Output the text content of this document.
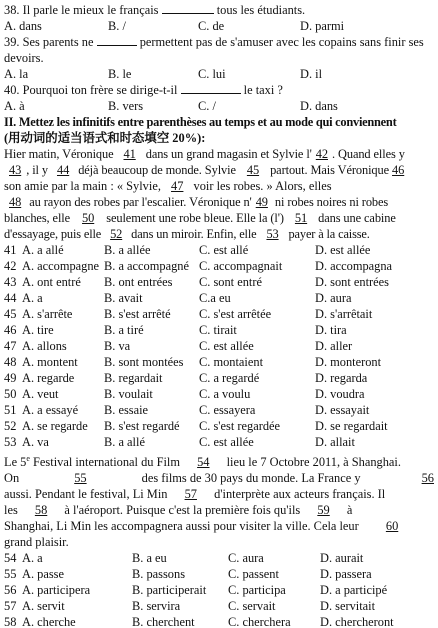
38. Il parle le mieux le français	tous les étudiants.
A. dans	B. /	C. de	D. parmi
39. Ses parents ne	permettent pas de s'amuser avec les copains sans finir ses
devoirs.
A. la	B. le	C. lui	D. il
40. Pourquoi ton frère se dirige-t-il	le taxi ?
A. à	B. vers	C. /	D. dans
II. Mettez les infinitifs entre parenthèses au temps et au mode qui conviennent
(用动词的适当语式和时态填空 20%):
Hier matin, Véronique 41 dans un grand magasin et Sylvie l' 42 . Quand elles y
43 , il y 44 déjà beaucoup de monde. Sylvie 45 partout. Mais Véronique 46
son amie par la main : « Sylvie, 47 voir les robes. » Alors, elles
48 au rayon des robes par l'escalier. Véronique n' 49 ni robes noires ni robes
blanches, elle 50 seulement une robe bleue. Elle la (l') 51 dans une cabine
d'essayage, puis elle 52 dans un miroir. Enfin, elle 53 payer à la caisse.
41 A. a allé	B. a allée	C. est allé	D. est allée
42 A. accompagne B. a accompagné C. accompagnait	D. accompagna
43 A. ont entré	B. ont entrées	C. sont entré	D. sont entrées
44 A. a	B. avait	C.a eu	D. aura
45 A. s'arrête	B. s'est arrêté	C. s'est arrêtée	D. s'arrêtait
46 A. tire	B. a tiré	C. tirait	D. tira
47 A. allons	B. va	C. est allée	D. aller
48 A. montent	B. sont montées	C. montaient	D. monteront
49 A. regarde	B. regardait	C. a regardé	D. regarda
50 A. veut	B. voulait	C. a voulu	D. voudra
51 A. a essayé	B. essaie	C. essayera	D. essayait
52 A. se regarde	B. s'est regardé	C. s'est regardée	D. se regardait
53 A. va	B. a allé	C. est allée	D. allait
Le 5e Festival international du Film 54 lieu le 7 Octobre 2011, à Shanghai.
On	55	des films de 30 pays du monde. La France y	56
aussi. Pendant le festival, Li Min 57 d'interprète aux acteurs français. Il
les 58 à l'aéroport. Puisque c'est la première fois qu'ils 59 à
Shanghai, Li Min les accompagnera aussi pour visiter la ville. Cela leur 60
grand plaisir.
54 A. a	B. a eu	C. aura	D. aurait
55 A. passe	B. passons	C. passent	D. passera
56 A. participera	B. participerait	C. participa	D. a participé
57 A. servit	B. servira	C. servait	D. servitait
58 A. cherche	B. cherchent	C. cherchera	D. chercheront
